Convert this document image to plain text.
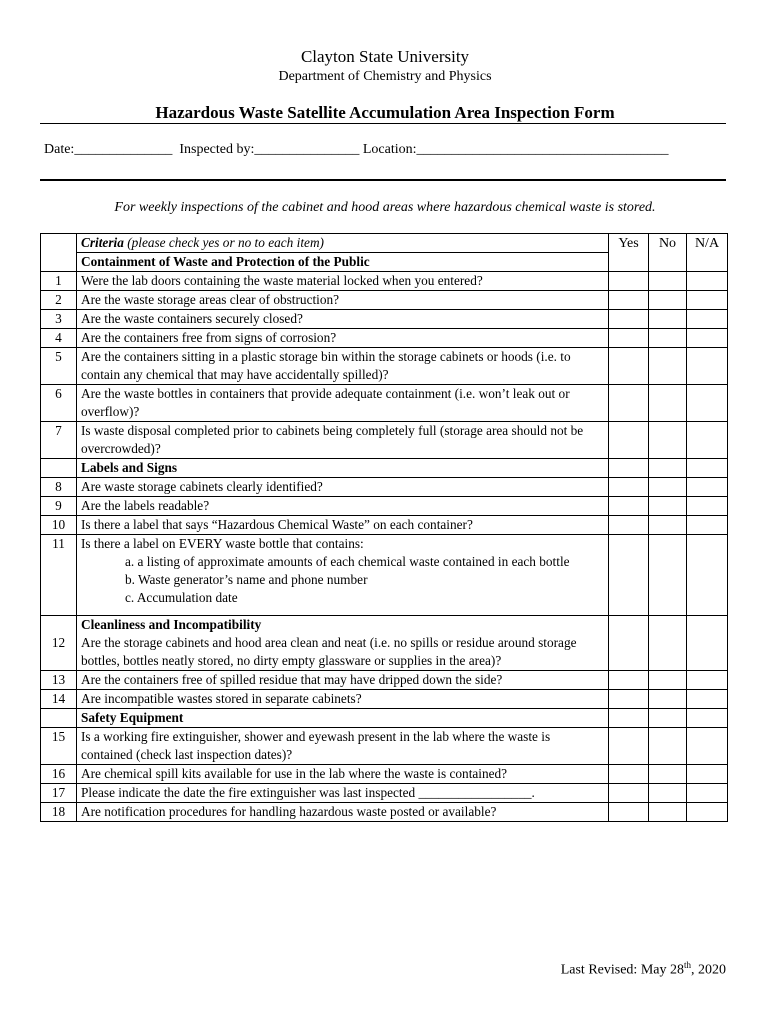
Clayton State University
Department of Chemistry and Physics
Hazardous Waste Satellite Accumulation Area Inspection Form
Date:______________ Inspected by:_______________ Location:____________________________________
For weekly inspections of the cabinet and hood areas where hazardous chemical waste is stored.
	Criteria (please check yes or no to each item)	Yes	No	N/A
	Containment of Waste and Protection of the Public			
1	Were the lab doors containing the waste material locked when you entered?			
2	Are the waste storage areas clear of obstruction?			
3	Are the waste containers securely closed?			
4	Are the containers free from signs of corrosion?			
5	Are the containers sitting in a plastic storage bin within the storage cabinets or hoods (i.e. to contain any chemical that may have accidentally spilled)?			
6	Are the waste bottles in containers that provide adequate containment (i.e. won’t leak out or overflow)?			
7	Is waste disposal completed prior to cabinets being completely full (storage area should not be overcrowded)?			
	Labels and Signs			
8	Are waste storage cabinets clearly identified?			
9	Are the labels readable?			
10	Is there a label that says “Hazardous Chemical Waste” on each container?			
11	Is there a label on EVERY waste bottle that contains:
a. a listing of approximate amounts of each chemical waste contained in each bottle
b. Waste generator’s name and phone number
c. Accumulation date			

12	Cleanliness and Incompatibility
Are the storage cabinets and hood area clean and neat (i.e. no spills or residue around storage bottles, bottles neatly stored, no dirty empty glassware or supplies in the area)?			
13	Are the containers free of spilled residue that may have dripped down the side?			
14	Are incompatible wastes stored in separate cabinets?			
	Safety Equipment			
15	Is a working fire extinguisher, shower and eyewash present in the lab where the waste is contained (check last inspection dates)?			
16	Are chemical spill kits available for use in the lab where the waste is contained?			
17	Please indicate the date the fire extinguisher was last inspected _________________.			
18	Are notification procedures for handling hazardous waste posted or available?			
Last Revised: May 28th, 2020
